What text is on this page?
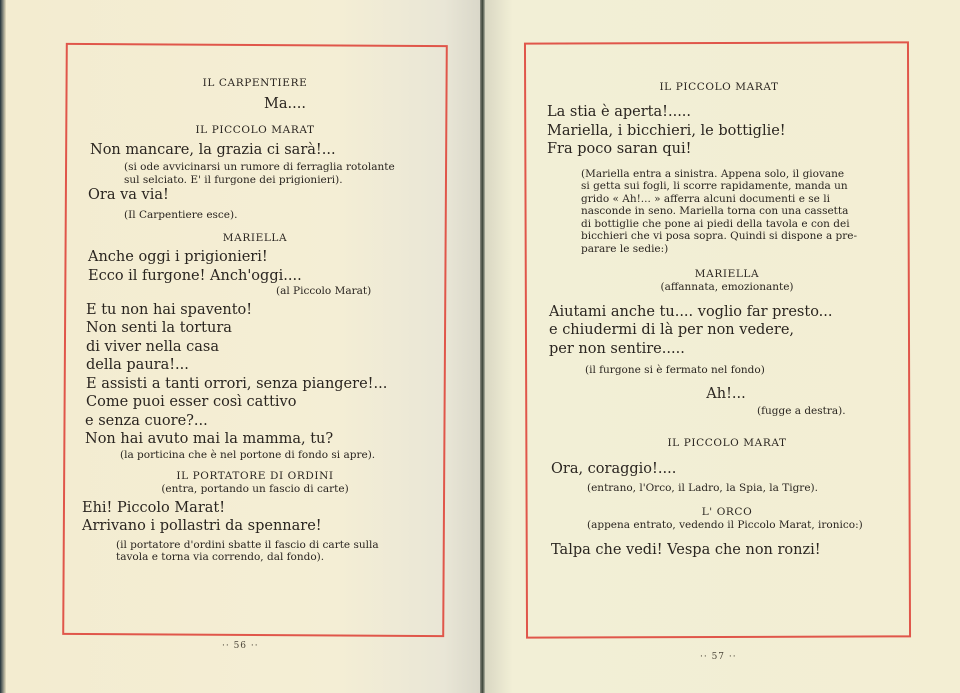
IL CARPENTIERE

Ma....

IL PICCOLO MARAT

Non mancare, la grazia ci sarà!...

(si ode avvicinarsi un rumore di ferraglia rotolante

sul selciato. E' il furgone dei prigionieri).

Ora va via!

(Il Carpentiere esce).

MARIELLA

Anche oggi i prigionieri!

Ecco il furgone! Anch'oggi....

(al Piccolo Marat)

E tu non hai spavento!

Non senti la tortura

di viver nella casa

della paura!...

E assisti a tanti orrori, senza piangere!...

Come puoi esser così cattivo

e senza cuore?...

Non hai avuto mai la mamma, tu?

(la porticina che è nel portone di fondo si apre).

IL PORTATORE DI ORDINI

(entra, portando un fascio di carte)

Ehi! Piccolo Marat!

Arrivano i pollastri da spennare!

(il portatore d'ordini sbatte il fascio di carte sulla

tavola e torna via correndo, dal fondo).

·· 56 ··

IL PICCOLO MARAT

La stia è aperta!.....

Mariella, i bicchieri, le bottiglie!

Fra poco saran qui!

(Mariella entra a sinistra. Appena solo, il giovane

si getta sui fogli, li scorre rapidamente, manda un

grido « Ah!... » afferra alcuni documenti e se li

nasconde in seno. Mariella torna con una cassetta

di bottiglie che pone ai piedi della tavola e con dei

bicchieri che vi posa sopra. Quindi si dispone a pre-

parare le sedie:)

MARIELLA

(affannata, emozionante)

Aiutami anche tu.... voglio far presto...

e chiudermi di là per non vedere,

per non sentire.....

(il furgone si è fermato nel fondo)

Ah!...

(fugge a destra).

IL PICCOLO MARAT

Ora, coraggio!....

(entrano, l'Orco, il Ladro, la Spia, la Tigre).

L' ORCO

(appena entrato, vedendo il Piccolo Marat, ironico:)

Talpa che vedi! Vespa che non ronzi!

·· 57 ··
